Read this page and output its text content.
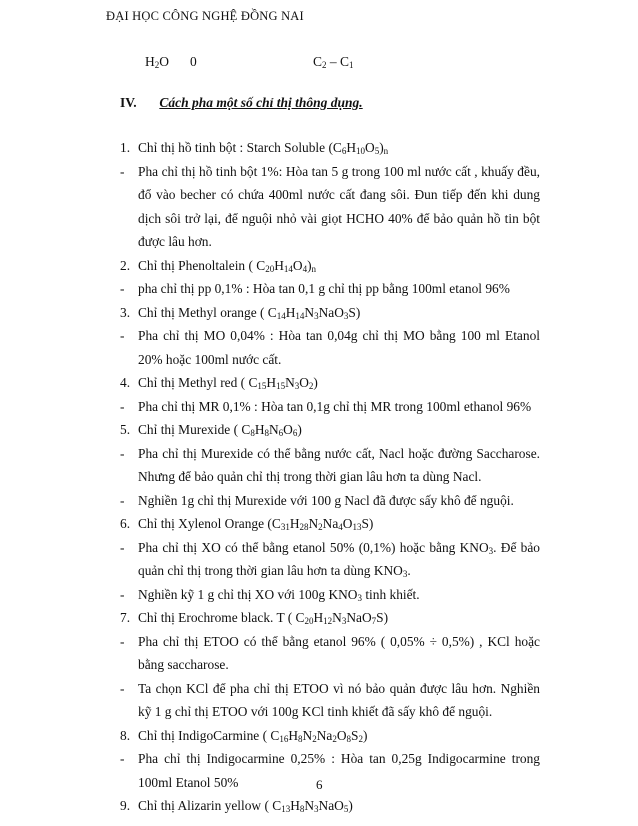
ĐẠI HỌC CÔNG NGHỆ ĐỒNG NAI
$H_2O$ 0	$C_2 - C_1$
IV. Cách pha một số chỉ thị thông dụng.
1. Chỉ thị hồ tinh bột : Starch Soluble $(C_6H_{10}O_5)_n$
-	Pha chỉ thị hồ tinh bột 1%: Hòa tan 5 g trong 100 ml nước cất , khuấy đều, đổ vào becher có chứa 400ml nước cất đang sôi. Đun tiếp đến khi dung dịch sôi trở lại, để nguội nhỏ vài giọt HCHO 40% để bảo quản hồ tin bột được lâu hơn.
2. Chỉ thị Phenoltalein ( $C_{20}H_{14}O_4)_n$
-	pha chỉ thị pp 0,1% : Hòa tan 0,1 g chỉ thị pp bằng 100ml etanol 96%
3. Chỉ thị Methyl orange ( $C_{14}H_{14}N_3NaO_3S$)
-	Pha chỉ thị MO 0,04% : Hòa tan 0,04g chỉ thị MO bằng 100 ml Etanol 20% hoặc 100ml nước cất.
4. Chỉ thị Methyl red ( $C_{15}H_{15}N_3O_2$)
-	Pha chỉ thị MR 0,1% : Hòa tan 0,1g chỉ thị MR trong 100ml ethanol 96%
5. Chỉ thị Murexide ( $C_8H_8N_6O_6$)
-	Pha chỉ thị Murexide có thể bằng nước cất, Nacl hoặc đường Saccharose. Nhưng để bảo quản chỉ thị trong thời gian lâu hơn ta dùng Nacl.
-	Nghiền 1g chỉ thị Murexide với 100 g Nacl đã được sấy khô để nguội.
6. Chỉ thị Xylenol Orange $(C_{31}H_{28}N_2Na_4O_{13}S)$
-	Pha chỉ thị XO có thể bằng etanol 50% (0,1%) hoặc bằng $KNO_3$. Để bảo quản chỉ thị trong thời gian lâu hơn ta dùng $KNO_3$.
-	Nghiền kỹ 1 g chỉ thị XO với 100g $KNO_3$ tinh khiết.
7. Chỉ thị Erochrome black. T ( $C_{20}H_{12}N_3NaO_7S$)
-	Pha chỉ thị ETOO có thể bằng etanol 96% ( 0,05% ÷ 0,5%) , KCl hoặc bằng saccharose.
-	Ta chọn KCl để pha chỉ thị ETOO vì nó bảo quản được lâu hơn. Nghiền kỹ 1 g chỉ thị ETOO với 100g KCl tinh khiết đã sấy khô để nguội.
8. Chỉ thị IndigoCarmine ( $C_{16}H_8N_2Na_2O_8S_2$)
-	Pha chỉ thị Indigocarmine 0,25% : Hòa tan 0,25g Indigocarmine trong 100ml Etanol 50%
9. Chỉ thị Alizarin yellow ( $C_{13}H_8N_3NaO_5$)
6
